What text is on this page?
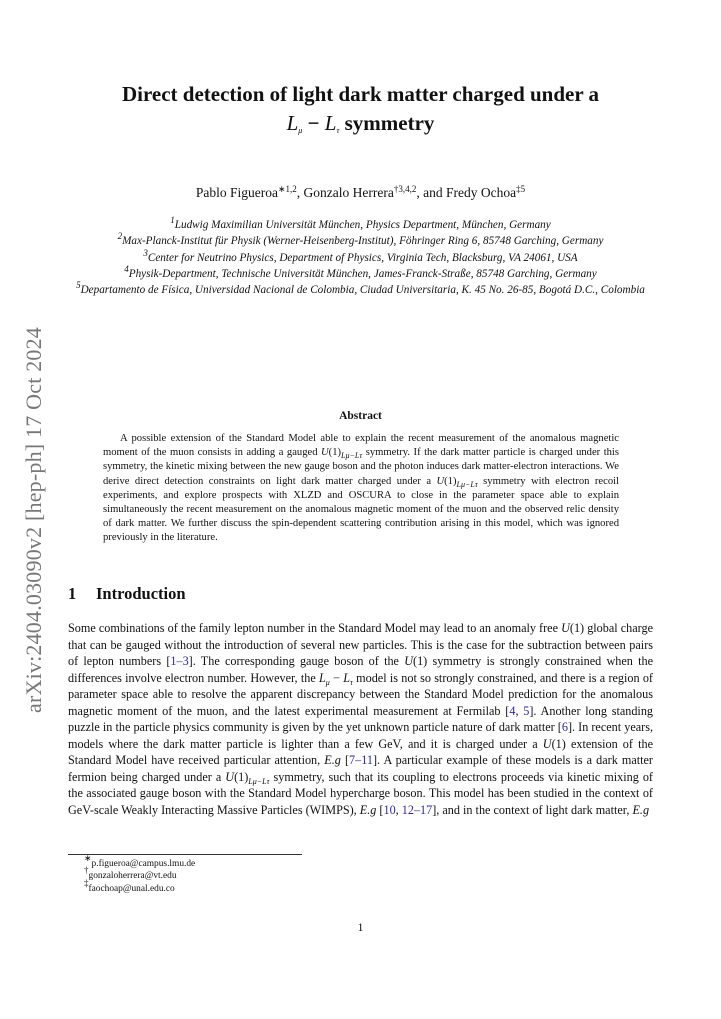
arXiv:2404.03090v2 [hep-ph] 17 Oct 2024
Direct detection of light dark matter charged under a
$L_\mu - L_\tau$ symmetry
Pablo Figueroa$^{∗1,2}$, Gonzalo Herrera$^{\dagger 3,4,2}$, and Fredy Ochoa$^{\ddagger 5}$
$^1$Ludwig Maximilian Universität München, Physics Department, München, Germany
$^2$Max-Planck-Institut für Physik (Werner-Heisenberg-Institut), Föhringer Ring 6, 85748 Garching, Germany
$^3$Center for Neutrino Physics, Department of Physics, Virginia Tech, Blacksburg, VA 24061, USA
$^4$Physik-Department, Technische Universität München, James-Franck-Straße, 85748 Garching, Germany
$^5$Departamento de Física, Universidad Nacional de Colombia, Ciudad Universitaria, K. 45 No. 26-85, Bogotá D.C., Colombia
Abstract
A possible extension of the Standard Model able to explain the recent measurement of the anomalous magnetic moment of the muon consists in adding a gauged $U(1)_{L\mu-L\tau}$ symmetry. If the dark matter particle is charged under this symmetry, the kinetic mixing between the new gauge boson and the photon induces dark matter-electron interactions. We derive direct detection constraints on light dark matter charged under a $U(1)_{L\mu-L\tau}$ symmetry with electron recoil experiments, and explore prospects with XLZD and OSCURA to close in the parameter space able to explain simultaneously the recent measurement on the anomalous magnetic moment of the muon and the observed relic density of dark matter. We further discuss the spin-dependent scattering contribution arising in this model, which was ignored previously in the literature.
1 Introduction
Some combinations of the family lepton number in the Standard Model may lead to an anomaly free U(1) global charge that can be gauged without the introduction of several new particles. This is the case for the subtraction between pairs of lepton numbers [1–3]. The corresponding gauge boson of the U(1) symmetry is strongly constrained when the differences involve electron number. However, the $L_\mu - L_\tau$ model is not so strongly constrained, and there is a region of parameter space able to resolve the apparent discrepancy between the Standard Model prediction for the anomalous magnetic moment of the muon, and the latest experimental measurement at Fermilab [4, 5]. Another long standing puzzle in the particle physics community is given by the yet unknown particle nature of dark matter [6]. In recent years, models where the dark matter particle is lighter than a few GeV, and it is charged under a U(1) extension of the Standard Model have received particular attention, E.g [7–11]. A particular example of these models is a dark matter fermion being charged under a $U(1)_{L\mu-L\tau}$ symmetry, such that its coupling to electrons proceeds via kinetic mixing of the associated gauge boson with the Standard Model hypercharge boson. This model has been studied in the context of GeV-scale Weakly Interacting Massive Particles (WIMPS), E.g [10, 12–17], and in the context of light dark matter, E.g
∗p.figueroa@campus.lmu.de
†gonzaloherrera@vt.edu
‡faochoap@unal.edu.co
1
